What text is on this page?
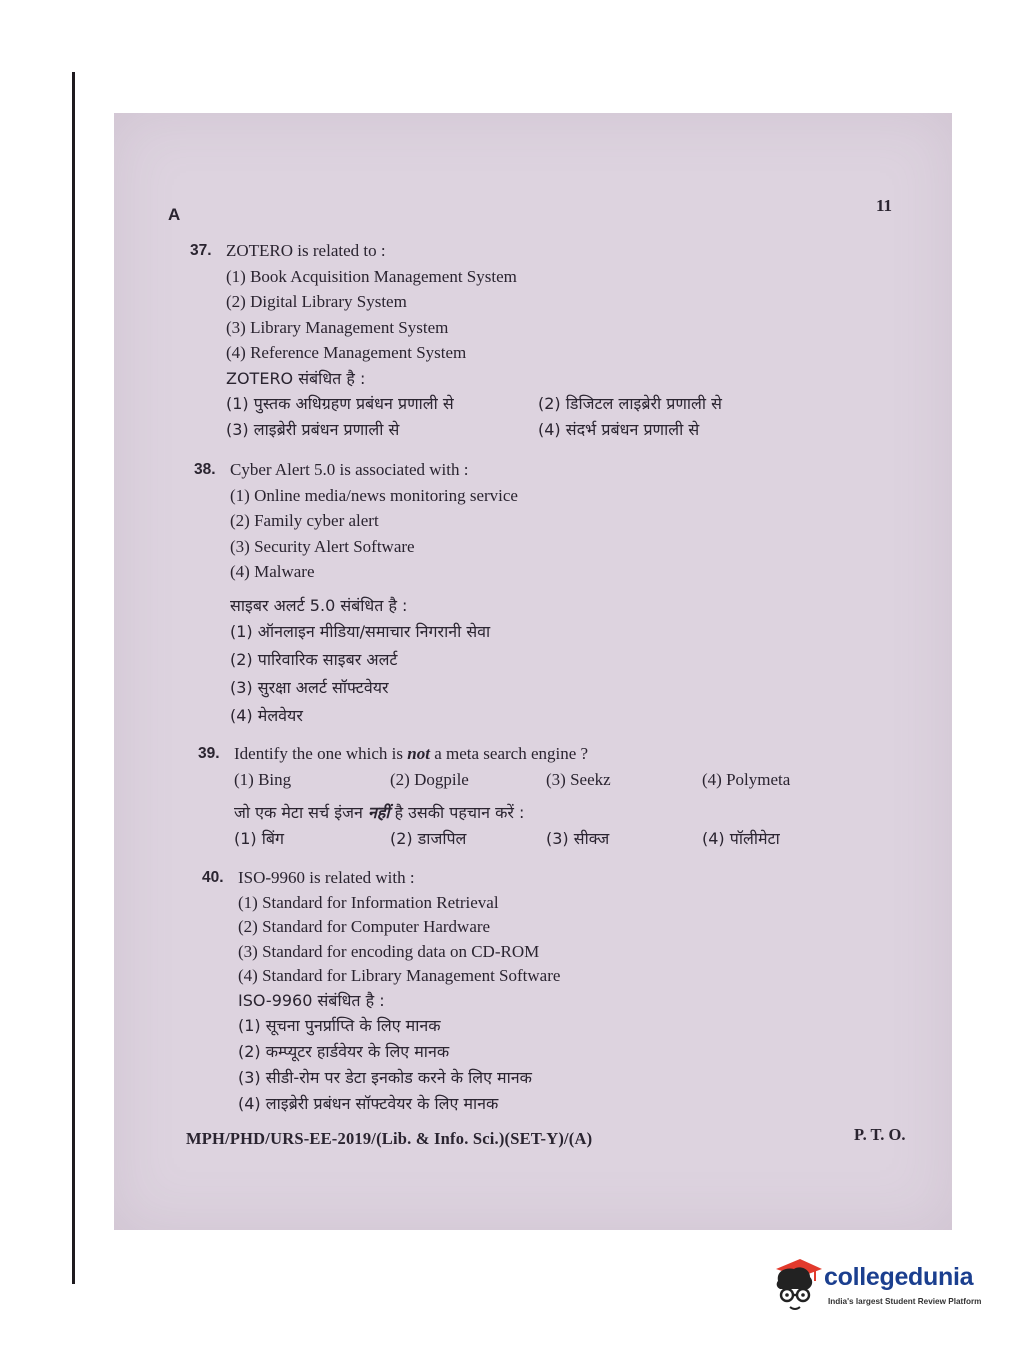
A	11
37. ZOTERO is related to :
(1) Book Acquisition Management System
(2) Digital Library System
(3) Library Management System
(4) Reference Management System
ZOTERO संबंधित है :
(1) पुस्तक अधिग्रहण प्रबंधन प्रणाली से	(2) डिजिटल लाइब्रेरी प्रणाली से
(3) लाइब्रेरी प्रबंधन प्रणाली से	(4) संदर्भ प्रबंधन प्रणाली से
38. Cyber Alert 5.0 is associated with :
(1) Online media/news monitoring service
(2) Family cyber alert
(3) Security Alert Software
(4) Malware
साइबर अलर्ट 5.0 संबंधित है :
(1) ऑनलाइन मीडिया/समाचार निगरानी सेवा
(2) पारिवारिक साइबर अलर्ट
(3) सुरक्षा अलर्ट सॉफ्टवेयर
(4) मेलवेयर
39. Identify the one which is not a meta search engine ?
(1) Bing	(2) Dogpile	(3) Seekz	(4) Polymeta
जो एक मेटा सर्च इंजन नहीं है उसकी पहचान करें :
(1) बिंग	(2) डाजपिल	(3) सीक्ज	(4) पॉलीमेटा
40. ISO-9960 is related with :
(1) Standard for Information Retrieval
(2) Standard for Computer Hardware
(3) Standard for encoding data on CD-ROM
(4) Standard for Library Management Software
ISO-9960 संबंधित है :
(1) सूचना पुनर्प्राप्ति के लिए मानक
(2) कम्प्यूटर हार्डवेयर के लिए मानक
(3) सीडी-रोम पर डेटा इनकोड करने के लिए मानक
(4) लाइब्रेरी प्रबंधन सॉफ्टवेयर के लिए मानक
MPH/PHD/URS-EE-2019/(Lib. & Info. Sci.)(SET-Y)/(A)	P. T. O.
collegedunia
India's largest Student Review Platform
